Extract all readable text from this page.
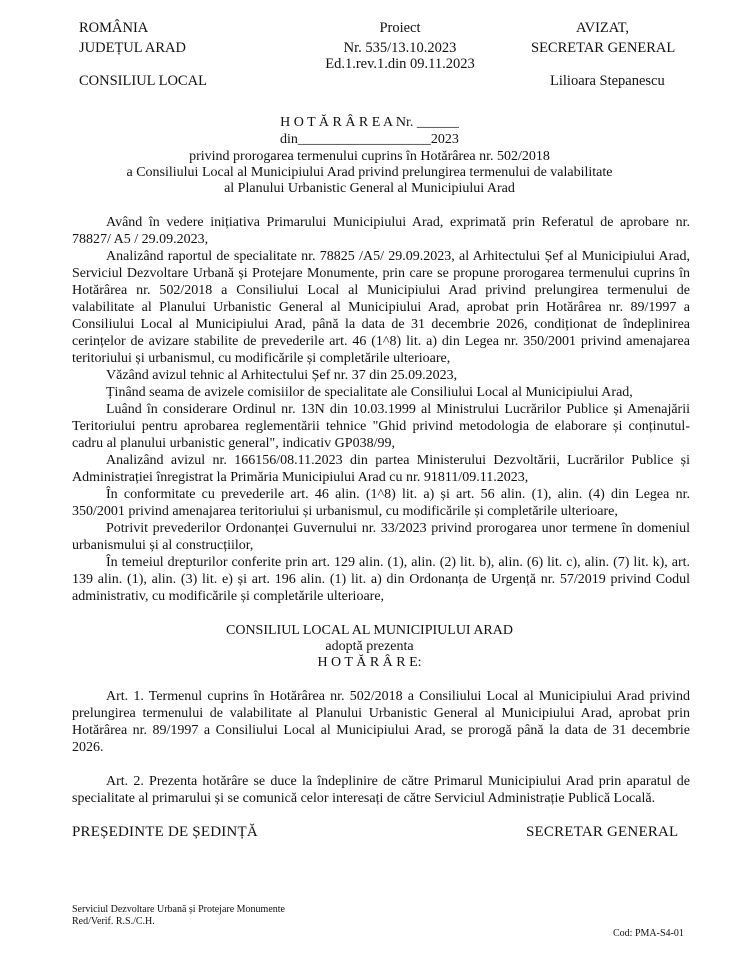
ROMÂNIA
JUDEȚUL ARAD
CONSILIUL LOCAL
Proiect
Nr. 535/13.10.2023
Ed.1.rev.1.din 09.11.2023
AVIZAT,
SECRETAR GENERAL
Lilioara Stepanescu
H O T Ă R Â R E A Nr. ______
din___________________2023
privind prorogarea termenului cuprins în Hotărârea nr. 502/2018
a Consiliului Local al Municipiului Arad privind prelungirea termenului de valabilitate
al Planului Urbanistic General al Municipiului Arad

Având în vedere inițiativa Primarului Municipiului Arad, exprimată prin Referatul de aprobare nr. 78827/ A5 / 29.09.2023,

Analizând raportul de specialitate nr. 78825 /A5/ 29.09.2023, al Arhitectului Șef al Municipiului Arad, Serviciul Dezvoltare Urbană și Protejare Monumente, prin care se propune prorogarea termenului cuprins în Hotărârea nr. 502/2018 a Consiliului Local al Municipiului Arad privind prelungirea termenului de valabilitate al Planului Urbanistic General al Municipiului Arad, aprobat prin Hotărârea nr. 89/1997 a Consiliului Local al Municipiului Arad, până la data de 31 decembrie 2026, condiționat de îndeplinirea cerințelor de avizare stabilite de prevederile art. 46 (1^8) lit. a) din Legea nr. 350/2001 privind amenajarea teritoriului și urbanismul, cu modificările și completările ulterioare,

Văzând avizul tehnic al Arhitectului Șef nr. 37 din 25.09.2023,

Ținând seama de avizele comisiilor de specialitate ale Consiliului Local al Municipiului Arad,

Luând în considerare Ordinul nr. 13N din 10.03.1999 al Ministrului Lucrărilor Publice și Amenajării Teritoriului pentru aprobarea reglementării tehnice "Ghid privind metodologia de elaborare și conținutul-cadru al planului urbanistic general", indicativ GP038/99,

Analizând avizul nr. 166156/08.11.2023 din partea Ministerului Dezvoltării, Lucrărilor Publice și Administrației înregistrat la Primăria Municipiului Arad cu nr. 91811/09.11.2023,

În conformitate cu prevederile art. 46 alin. (1^8) lit. a) și art. 56 alin. (1), alin. (4) din Legea nr. 350/2001 privind amenajarea teritoriului și urbanismul, cu modificările și completările ulterioare,

Potrivit prevederilor Ordonanței Guvernului nr. 33/2023 privind prorogarea unor termene în domeniul urbanismului și al construcțiilor,

În temeiul drepturilor conferite prin art. 129 alin. (1), alin. (2) lit. b), alin. (6) lit. c), alin. (7) lit. k), art. 139 alin. (1), alin. (3) lit. e) și art. 196 alin. (1) lit. a) din Ordonanța de Urgență nr. 57/2019 privind Codul administrativ, cu modificările și completările ulterioare,

CONSILIUL LOCAL AL MUNICIPIULUI ARAD
adoptă prezenta
H O T Ă R Â R E:

Art. 1. Termenul cuprins în Hotărârea nr. 502/2018 a Consiliului Local al Municipiului Arad privind prelungirea termenului de valabilitate al Planului Urbanistic General al Municipiului Arad, aprobat prin Hotărârea nr. 89/1997 a Consiliului Local al Municipiului Arad, se prorogă până la data de 31 decembrie 2026.

Art. 2. Prezenta hotărâre se duce la îndeplinire de către Primarul Municipiului Arad prin aparatul de specialitate al primarului și se comunică celor interesați de către Serviciul Administrație Publică Locală.

PREȘEDINTE DE ȘEDINȚĂ	SECRETAR GENERAL
Serviciul Dezvoltare Urbană și Protejare Monumente
Red/Verif. R.S./C.H.
Cod: PMA-S4-01
